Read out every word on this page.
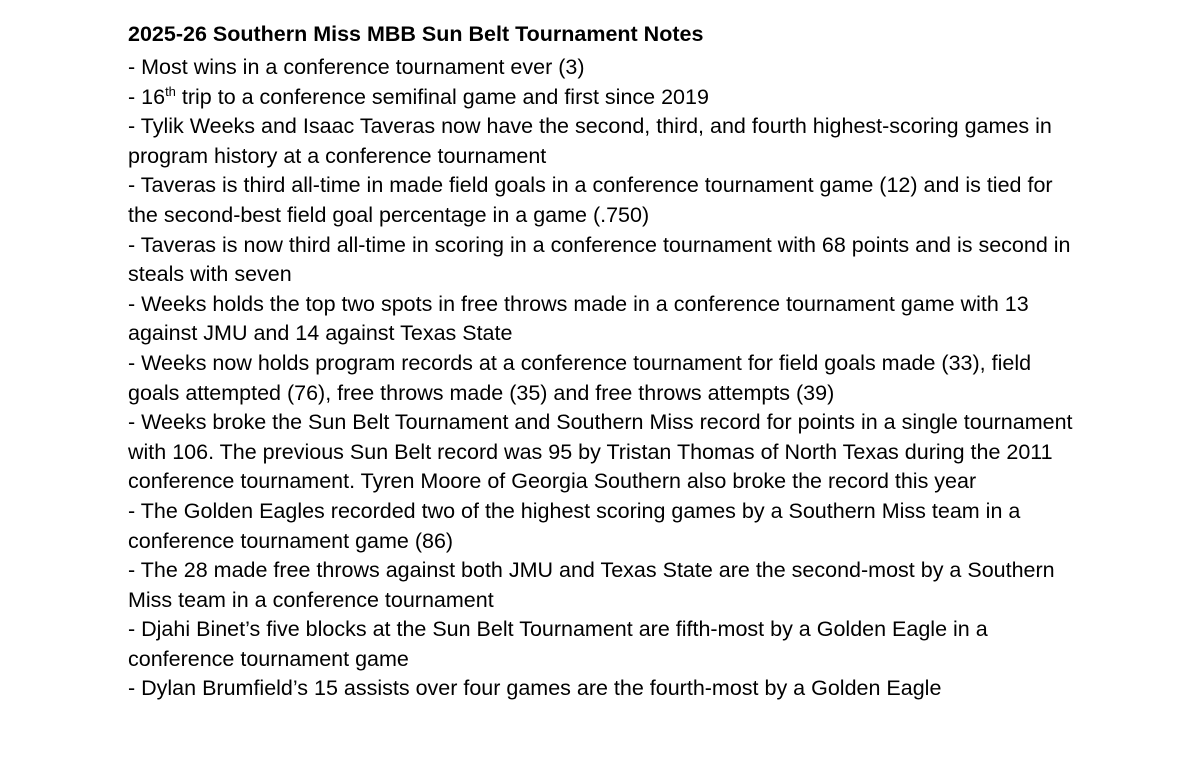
2025-26 Southern Miss MBB Sun Belt Tournament Notes
- Most wins in a conference tournament ever (3)
- 16th trip to a conference semifinal game and first since 2019
- Tylik Weeks and Isaac Taveras now have the second, third, and fourth highest-scoring games in program history at a conference tournament
- Taveras is third all-time in made field goals in a conference tournament game (12) and is tied for the second-best field goal percentage in a game (.750)
- Taveras is now third all-time in scoring in a conference tournament with 68 points and is second in steals with seven
- Weeks holds the top two spots in free throws made in a conference tournament game with 13 against JMU and 14 against Texas State
- Weeks now holds program records at a conference tournament for field goals made (33), field goals attempted (76), free throws made (35) and free throws attempts (39)
- Weeks broke the Sun Belt Tournament and Southern Miss record for points in a single tournament with 106. The previous Sun Belt record was 95 by Tristan Thomas of North Texas during the 2011 conference tournament. Tyren Moore of Georgia Southern also broke the record this year
- The Golden Eagles recorded two of the highest scoring games by a Southern Miss team in a conference tournament game (86)
- The 28 made free throws against both JMU and Texas State are the second-most by a Southern Miss team in a conference tournament
- Djahi Binet’s five blocks at the Sun Belt Tournament are fifth-most by a Golden Eagle in a conference tournament game
- Dylan Brumfield’s 15 assists over four games are the fourth-most by a Golden Eagle
